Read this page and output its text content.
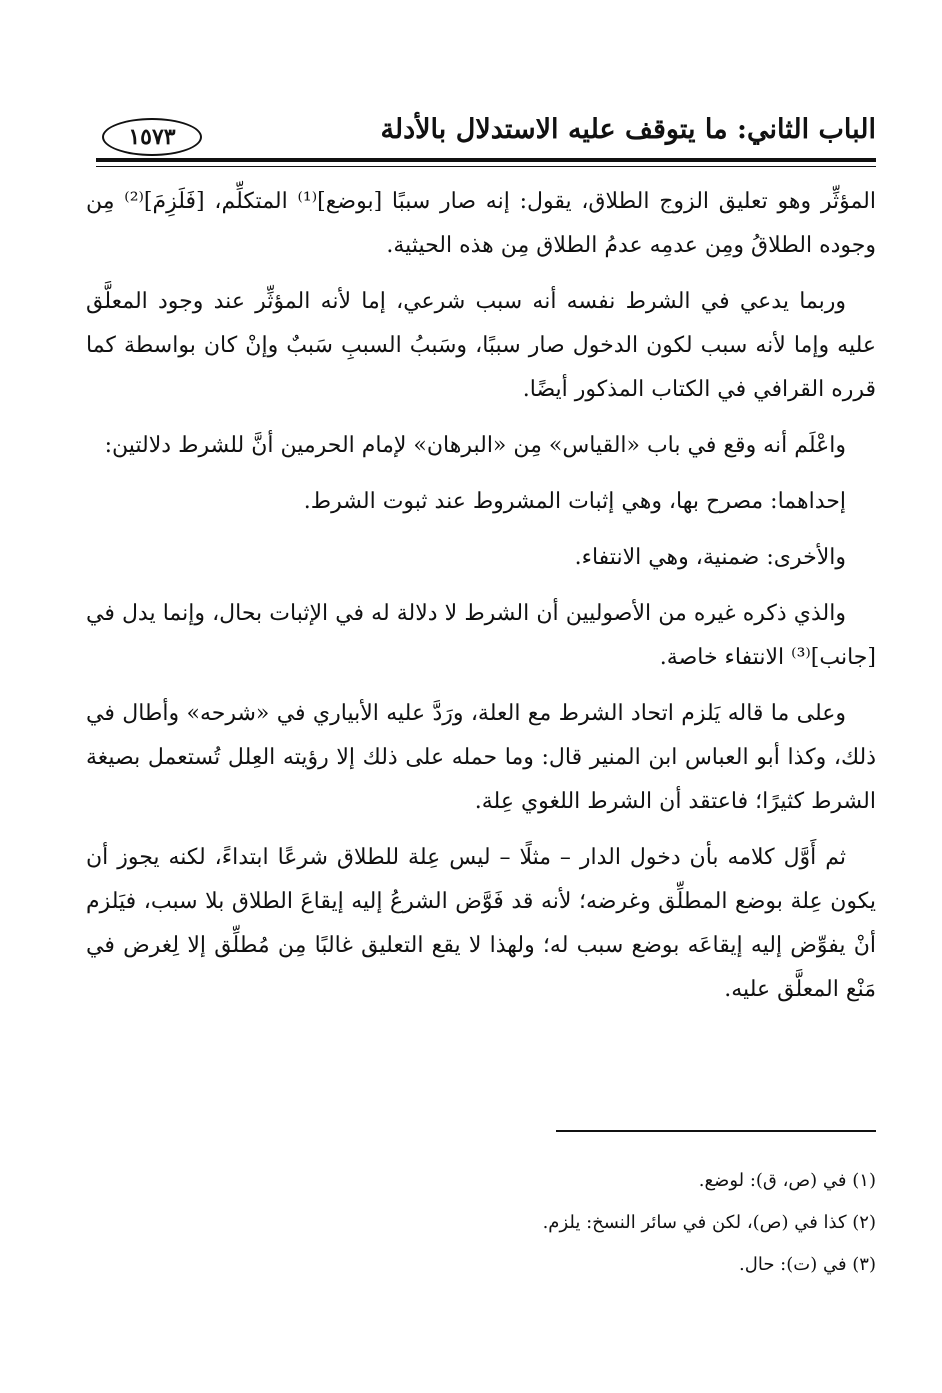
الباب الثاني: ما يتوقف عليه الاستدلال بالأدلة
١٥٧٣

المؤثِّر وهو تعليق الزوج الطلاق، يقول: إنه صار سببًا [بوضع]⁽¹⁾ المتكلِّم، [فَلَزِمَ]⁽²⁾ مِن وجوده الطلاقُ ومِن عدمِه عدمُ الطلاق مِن هذه الحيثية.

وربما يدعي في الشرط نفسه أنه سبب شرعي، إما لأنه المؤثِّر عند وجود المعلَّق عليه وإما لأنه سبب لكون الدخول صار سببًا، وسَببُ السببِ سَببٌ وإنْ كان بواسطة كما قرره القرافي في الكتاب المذكور أيضًا.

واعْلَم أنه وقع في باب «القياس» مِن «البرهان» لإمام الحرمين أنَّ للشرط دلالتين:

إحداهما: مصرح بها، وهي إثبات المشروط عند ثبوت الشرط.

والأخرى: ضمنية، وهي الانتفاء.

والذي ذكره غيره من الأصوليين أن الشرط لا دلالة له في الإثبات بحال، وإنما يدل في [جانب]⁽³⁾ الانتفاء خاصة.

وعلى ما قاله يَلزم اتحاد الشرط مع العلة، ورَدَّ عليه الأبياري في «شرحه» وأطال في ذلك، وكذا أبو العباس ابن المنير قال: وما حمله على ذلك إلا رؤيته العِلل تُستعمل بصيغة الشرط كثيرًا؛ فاعتقد أن الشرط اللغوي عِلة.

ثم أَوَّل كلامه بأن دخول الدار – مثلًا – ليس عِلة للطلاق شرعًا ابتداءً، لكنه يجوز أن يكون عِلة بوضع المطلِّق وغرضه؛ لأنه قد فَوَّض الشرعُ إليه إيقاعَ الطلاق بلا سبب، فيَلزم أنْ يفوِّض إليه إيقاعَه بوضع سبب له؛ ولهذا لا يقع التعليق غالبًا مِن مُطلِّق إلا لِغرض في مَنْع المعلَّق عليه.

(١) في (ص، ق): لوضع.
(٢) كذا في (ص)، لكن في سائر النسخ: يلزم.
(٣) في (ت): حال.
